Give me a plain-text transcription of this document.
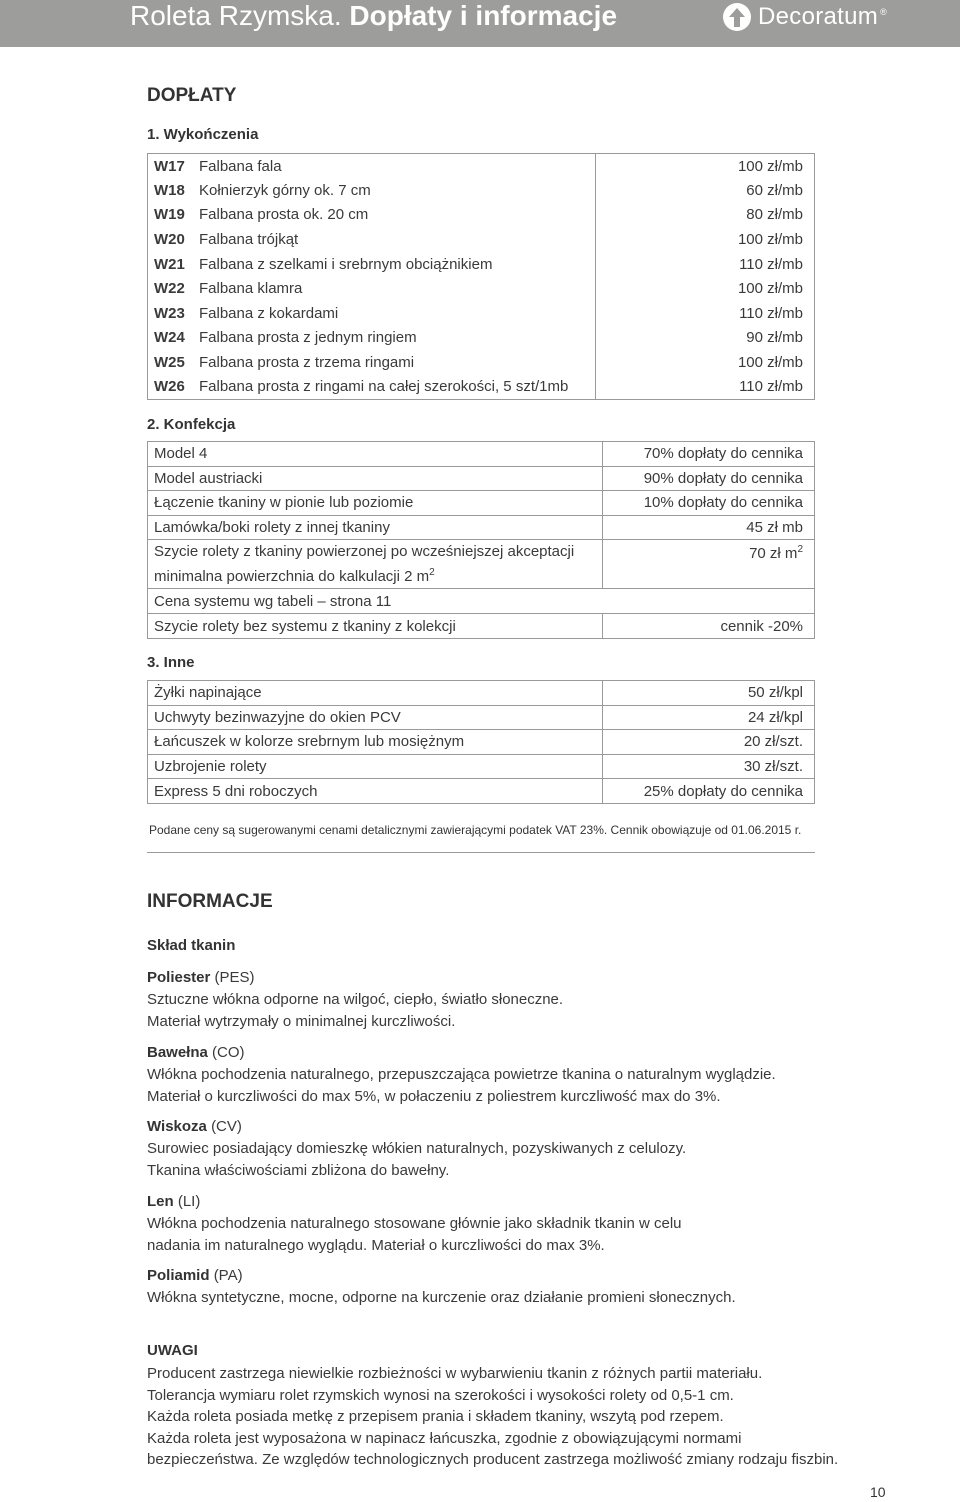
Roleta Rzymska. Dopłaty i informacje	Decoratum ®
DOPŁATY
1. Wykończenia
W17 Falbana fala	100 zł/mb
W18 Kołnierzyk górny ok. 7 cm	60 zł/mb
W19 Falbana prosta ok. 20 cm	80 zł/mb
W20 Falbana trójkąt	100 zł/mb
W21 Falbana z szelkami i srebrnym obciążnikiem	110 zł/mb
W22 Falbana klamra	100 zł/mb
W23 Falbana z kokardami	110 zł/mb
W24 Falbana prosta z jednym ringiem	90 zł/mb
W25 Falbana prosta z trzema ringami	100 zł/mb
W26 Falbana prosta z ringami na całej szerokości, 5 szt/1mb	110 zł/mb
2. Konfekcja
Model 4	70% dopłaty do cennika
Model austriacki	90% dopłaty do cennika
Łączenie tkaniny w pionie lub poziomie	10% dopłaty do cennika
Lamówka/boki rolety z innej tkaniny	45 zł mb
Szycie rolety z tkaniny powierzonej po wcześniejszej akceptacji
minimalna powierzchnia do kalkulacji 2 $m^2$	70 zł $m^2$
Cena systemu wg tabeli – strona 11	
Szycie rolety bez systemu z tkaniny z kolekcji	cennik -20%
3. Inne
Żyłki napinające	50 zł/kpl
Uchwyty bezinwazyjne do okien PCV	24 zł/kpl
Łańcuszek w kolorze srebrnym lub mosiężnym	20 zł/szt.
Uzbrojenie rolety	30 zł/szt.
Express 5 dni roboczych	25% dopłaty do cennika
Podane ceny są sugerowanymi cenami detalicznymi zawierającymi podatek VAT 23%. Cennik obowiązuje od 01.06.2015 r.
INFORMACJE
Skład tkanin
Poliester (PES)
Sztuczne włókna odporne na wilgoć, ciepło, światło słoneczne.
Materiał wytrzymały o minimalnej kurczliwości.
Bawełna (CO)
Włókna pochodzenia naturalnego, przepuszczająca powietrze tkanina o naturalnym wyglądzie.
Materiał o kurczliwości do max 5%, w połaczeniu z poliestrem kurczliwość max do 3%.
Wiskoza (CV)
Surowiec posiadający domieszkę włókien naturalnych, pozyskiwanych z celulozy.
Tkanina właściwościami zbliżona do bawełny.
Len (LI)
Włókna pochodzenia naturalnego stosowane głównie jako składnik tkanin w celu
nadania im naturalnego wyglądu. Materiał o kurczliwości do max 3%.
Poliamid (PA)
Włókna syntetyczne, mocne, odporne na kurczenie oraz działanie promieni słonecznych.
UWAGI
Producent zastrzega niewielkie rozbieżności w wybarwieniu tkanin z różnych partii materiału.
Tolerancja wymiaru rolet rzymskich wynosi na szerokości i wysokości rolety od 0,5-1 cm.
Każda roleta posiada metkę z przepisem prania i składem tkaniny, wszytą pod rzepem.
Każda roleta jest wyposażona w napinacz łańcuszka, zgodnie z obowiązującymi normami
bezpieczeństwa. Ze względów technologicznych producent zastrzega możliwość zmiany rodzaju fiszbin.
10
